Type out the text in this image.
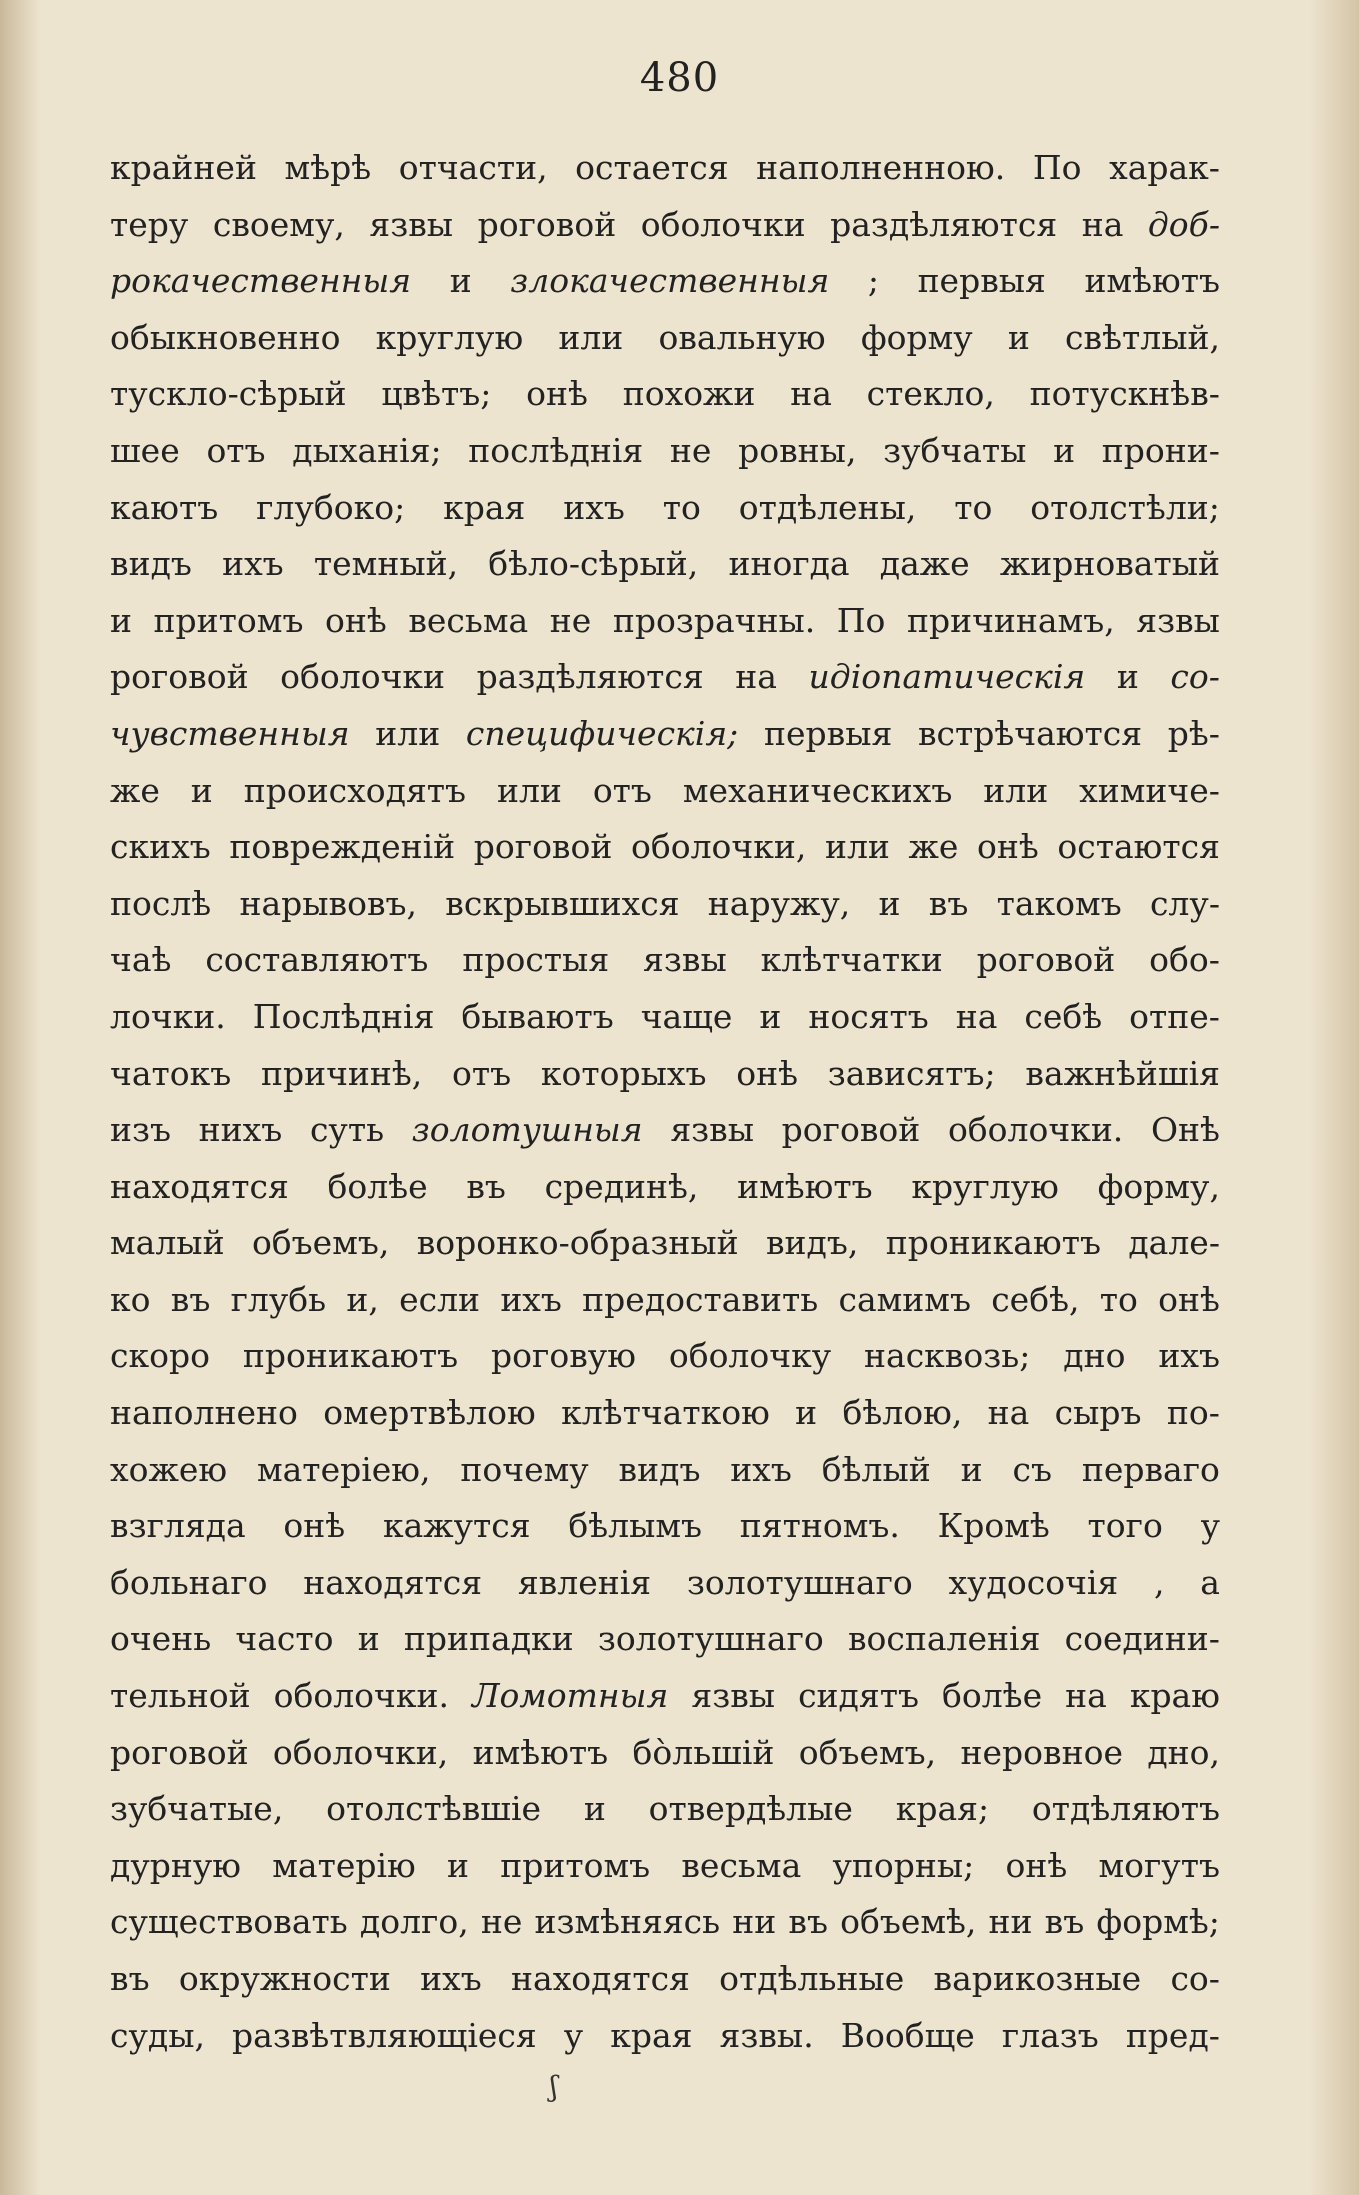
480
крайней мѣрѣ отчасти, остается наполненною. По харак-
теру своему, язвы роговой оболочки раздѣляются на доб-
рокачественныя и злокачественныя ; первыя имѣютъ
обыкновенно круглую или овальную форму и свѣтлый,
тускло-сѣрый цвѣтъ; онѣ похожи на стекло, потускнѣв-
шее отъ дыханія; послѣднія не ровны, зубчаты и прони-
каютъ глубоко; края ихъ то отдѣлены, то отолстѣли;
видъ ихъ темный, бѣло-сѣрый, иногда даже жирноватый
и притомъ онѣ весьма не прозрачны. По причинамъ, язвы
роговой оболочки раздѣляются на идіопатическія и со-
чувственныя или специфическія; первыя встрѣчаются рѣ-
же и происходятъ или отъ механическихъ или химиче-
скихъ поврежденій роговой оболочки, или же онѣ остаются
послѣ нарывовъ, вскрывшихся наружу, и въ такомъ слу-
чаѣ составляютъ простыя язвы клѣтчатки роговой обо-
лочки. Послѣднія бываютъ чаще и носятъ на себѣ отпе-
чатокъ причинѣ, отъ которыхъ онѣ зависятъ; важнѣйшія
изъ нихъ суть золотушныя язвы роговой оболочки. Онѣ
находятся болѣе въ срединѣ, имѣютъ круглую форму,
малый объемъ, воронко-образный видъ, проникаютъ дале-
ко въ глубь и, если ихъ предоставить самимъ себѣ, то онѣ
скоро проникаютъ роговую оболочку насквозь; дно ихъ
наполнено омертвѣлою клѣтчаткою и бѣлою, на сыръ по-
хожею матеріею, почему видъ ихъ бѣлый и съ перваго
взгляда онѣ кажутся бѣлымъ пятномъ. Кромѣ того у
больнаго находятся явленія золотушнаго худосочія , а
очень часто и припадки золотушнаго воспаленія соедини-
тельной оболочки. Ломотныя язвы сидятъ болѣе на краю
роговой оболочки, имѣютъ бо̀льшій объемъ, неровное дно,
зубчатые, отолстѣвшіе и отвердѣлые края; отдѣляютъ
дурную матерію и притомъ весьма упорны; онѣ могутъ
существовать долго, не измѣняясь ни въ объемѣ, ни въ формѣ;
въ окружности ихъ находятся отдѣльные варикозные со-
суды, развѣтвляющіеся у края язвы. Вообще глазъ пред-
ʃ
